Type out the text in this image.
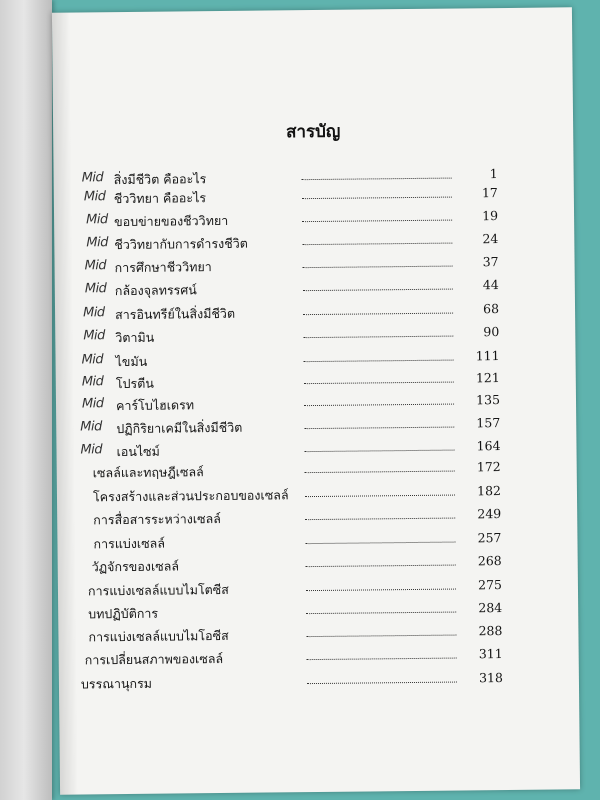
สารบัญ
Mid สิ่งมีชีวิต คืออะไร	1
Mid ชีววิทยา คืออะไร	17
Mid ขอบข่ายของชีววิทยา	19
Mid ชีววิทยากับการดำรงชีวิต	24
Mid การศึกษาชีววิทยา	37
Mid กล้องจุลทรรศน์	44
Mid สารอินทรีย์ในสิ่งมีชีวิต	68
Mid วิตามิน	90
Mid ไขมัน	111
Mid โปรตีน	121
Mid คาร์โบไฮเดรท	135
Mid ปฏิกิริยาเคมีในสิ่งมีชีวิต	157
Mid เอนไซม์	164
เซลล์และทฤษฎีเซลล์	172
โครงสร้างและส่วนประกอบของเซลล์	182
การสื่อสารระหว่างเซลล์	249
การแบ่งเซลล์	257
วัฏจักรของเซลล์	268
การแบ่งเซลล์แบบไมโตซีส	275
บทปฏิบัติการ	284
การแบ่งเซลล์แบบไมโอซีส	288
การเปลี่ยนสภาพของเซลล์	311
บรรณานุกรม	318
